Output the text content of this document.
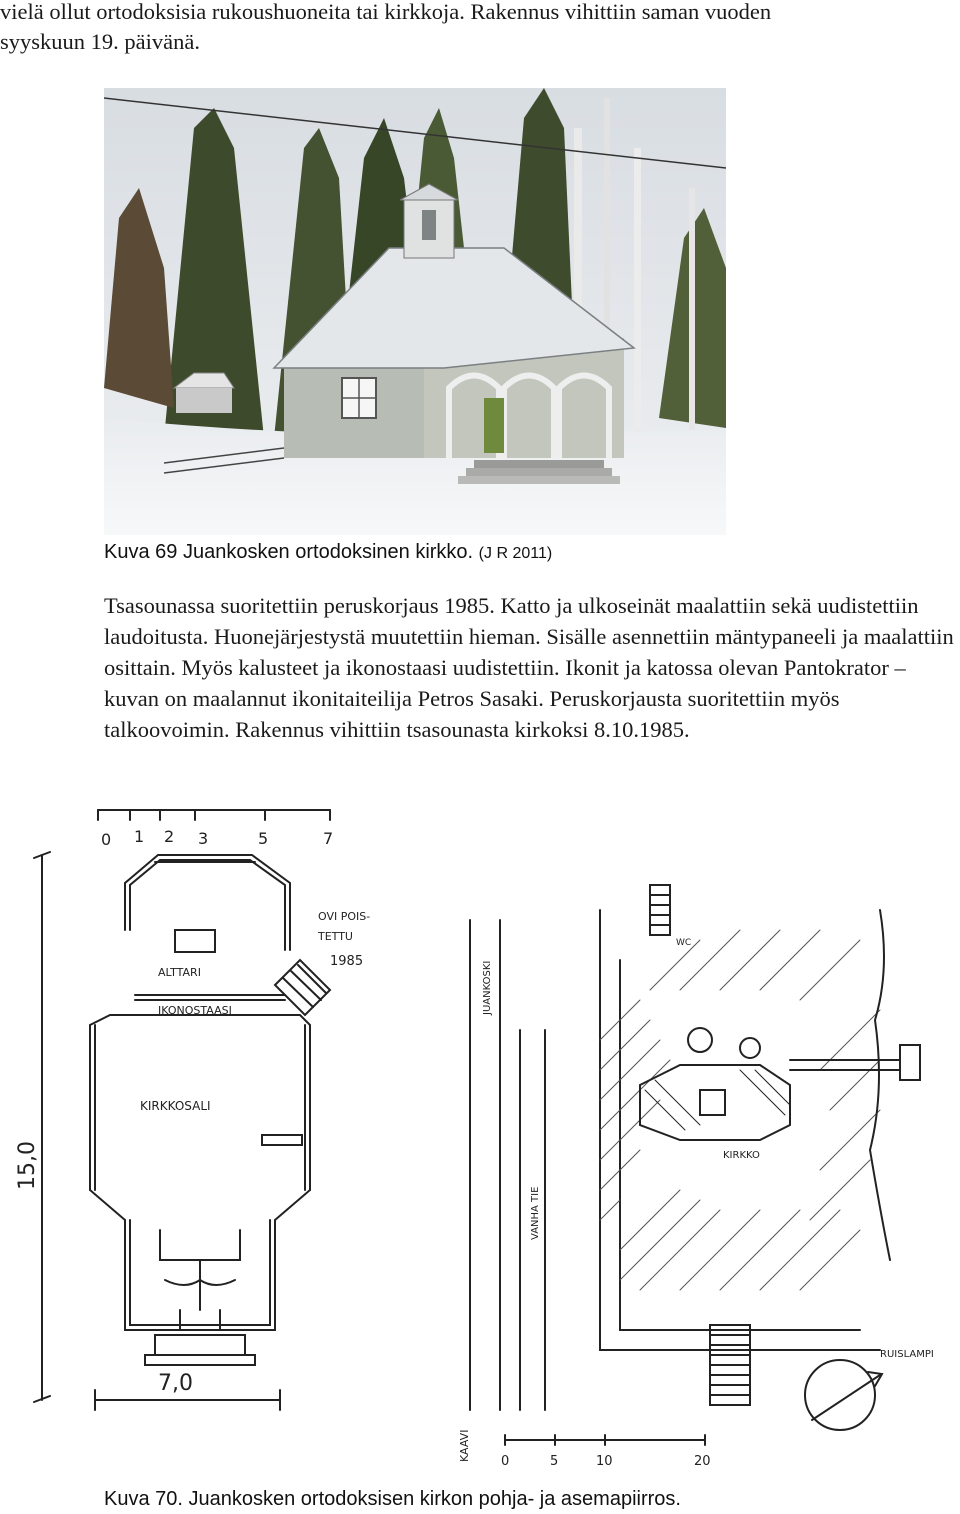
vielä ollut ortodoksisia rukoushuoneita tai kirkkoja. Rakennus vihittiin saman vuoden syyskuun 19. päivänä.

Kuva 69 Juankosken ortodoksinen kirkko. (J R 2011)

Tsasounassa suoritettiin peruskorjaus 1985. Katto ja ulkoseinät maalattiin sekä uudistettiin laudoitusta. Huonejärjestystä muutettiin hieman. Sisälle asennettiin mäntypaneeli ja maalattiin osittain. Myös kalusteet ja ikonostaasi uudistettiin. Ikonit ja katossa olevan Pantokrator –kuvan on maalannut ikonitaiteilija Petros Sasaki. Peruskorjausta suoritettiin myös talkoovoimin. Rakennus vihittiin tsasounasta kirkoksi 8.10.1985.

0 1 2 3	5	7
ALTTARI
IKONOSTAASI
KIRKKOSALI
OVI POIS-
TETTU
1985
15,0
7,0
JUANKOSKI
VANHA TIE
WC
KIRKKO
RUISLAMPI
KAAVI 0	5	10	20
Kuva 70. Juankosken ortodoksisen kirkon pohja- ja asemapiirros.
